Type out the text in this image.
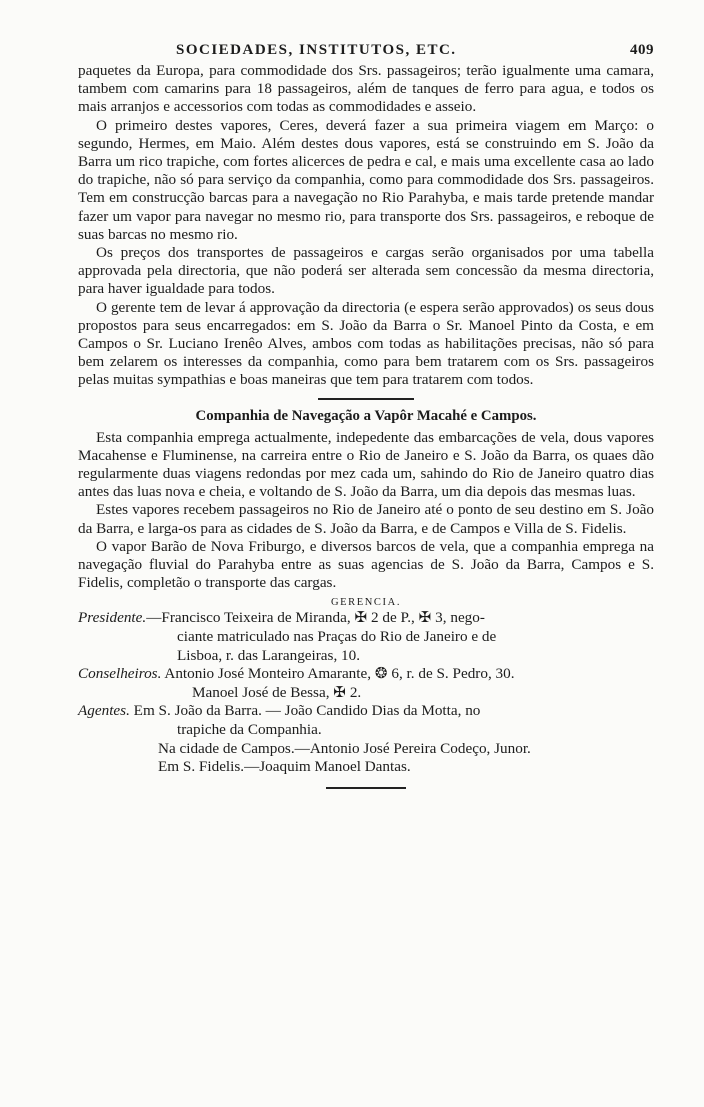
SOCIEDADES, INSTITUTOS, ETC.	409

paquetes da Europa, para commodidade dos Srs. passageiros; terão igualmente uma camara, tambem com camarins para 18 passageiros, além de tanques de ferro para agua, e todos os mais arranjos e accessorios com todas as commodidades e asseio.

O primeiro destes vapores, Ceres, deverá fazer a sua primeira viagem em Março: o segundo, Hermes, em Maio. Além destes dous vapores, está se construindo em S. João da Barra um rico trapiche, com fortes alicerces de pedra e cal, e mais uma excellente casa ao lado do trapiche, não só para serviço da companhia, como para commodidade dos Srs. passageiros. Tem em construcção barcas para a navegação no Rio Parahyba, e mais tarde pretende mandar fazer um vapor para navegar no mesmo rio, para transporte dos Srs. passageiros, e reboque de suas barcas no mesmo rio.

Os preços dos transportes de passageiros e cargas serão organisados por uma tabella approvada pela directoria, que não poderá ser alterada sem concessão da mesma directoria, para haver igualdade para todos.

O gerente tem de levar á approvação da directoria (e espera serão approvados) os seus dous propostos para seus encarregados: em S. João da Barra o Sr. Manoel Pinto da Costa, e em Campos o Sr. Luciano Irenêo Alves, ambos com todas as habilitações precisas, não só para bem zelarem os interesses da companhia, como para bem tratarem com os Srs. passageiros pelas muitas sympathias e boas maneiras que tem para tratarem com todos.

Companhia de Navegação a Vapôr Macahé e Campos.

Esta companhia emprega actualmente, indepedente das embarcações de vela, dous vapores Macahense e Fluminense, na carreira entre o Rio de Janeiro e S. João da Barra, os quaes dão regularmente duas viagens redondas por mez cada um, sahindo do Rio de Janeiro quatro dias antes das luas nova e cheia, e voltando de S. João da Barra, um dia depois das mesmas luas.

Estes vapores recebem passageiros no Rio de Janeiro até o ponto de seu destino em S. João da Barra, e larga-os para as cidades de S. João da Barra, e de Campos e Villa de S. Fidelis.

O vapor Barão de Nova Friburgo, e diversos barcos de vela, que a companhia emprega na navegação fluvial do Parahyba entre as suas agencias de S. João da Barra, Campos e S. Fidelis, completão o transporte das cargas.

GERENCIA.
Presidente.—Francisco Teixeira de Miranda, ✠ 2 de P., ✠ 3, nego-
ciante matriculado nas Praças do Rio de Janeiro e de
Lisboa, r. das Larangeiras, 10.
Conselheiros. Antonio José Monteiro Amarante, ❂ 6, r. de S. Pedro, 30.
Manoel José de Bessa, ✠ 2.
Agentes. Em S. João da Barra. — João Candido Dias da Motta, no
trapiche da Companhia.
Na cidade de Campos.—Antonio José Pereira Codeço, Junor.
Em S. Fidelis.—Joaquim Manoel Dantas.
